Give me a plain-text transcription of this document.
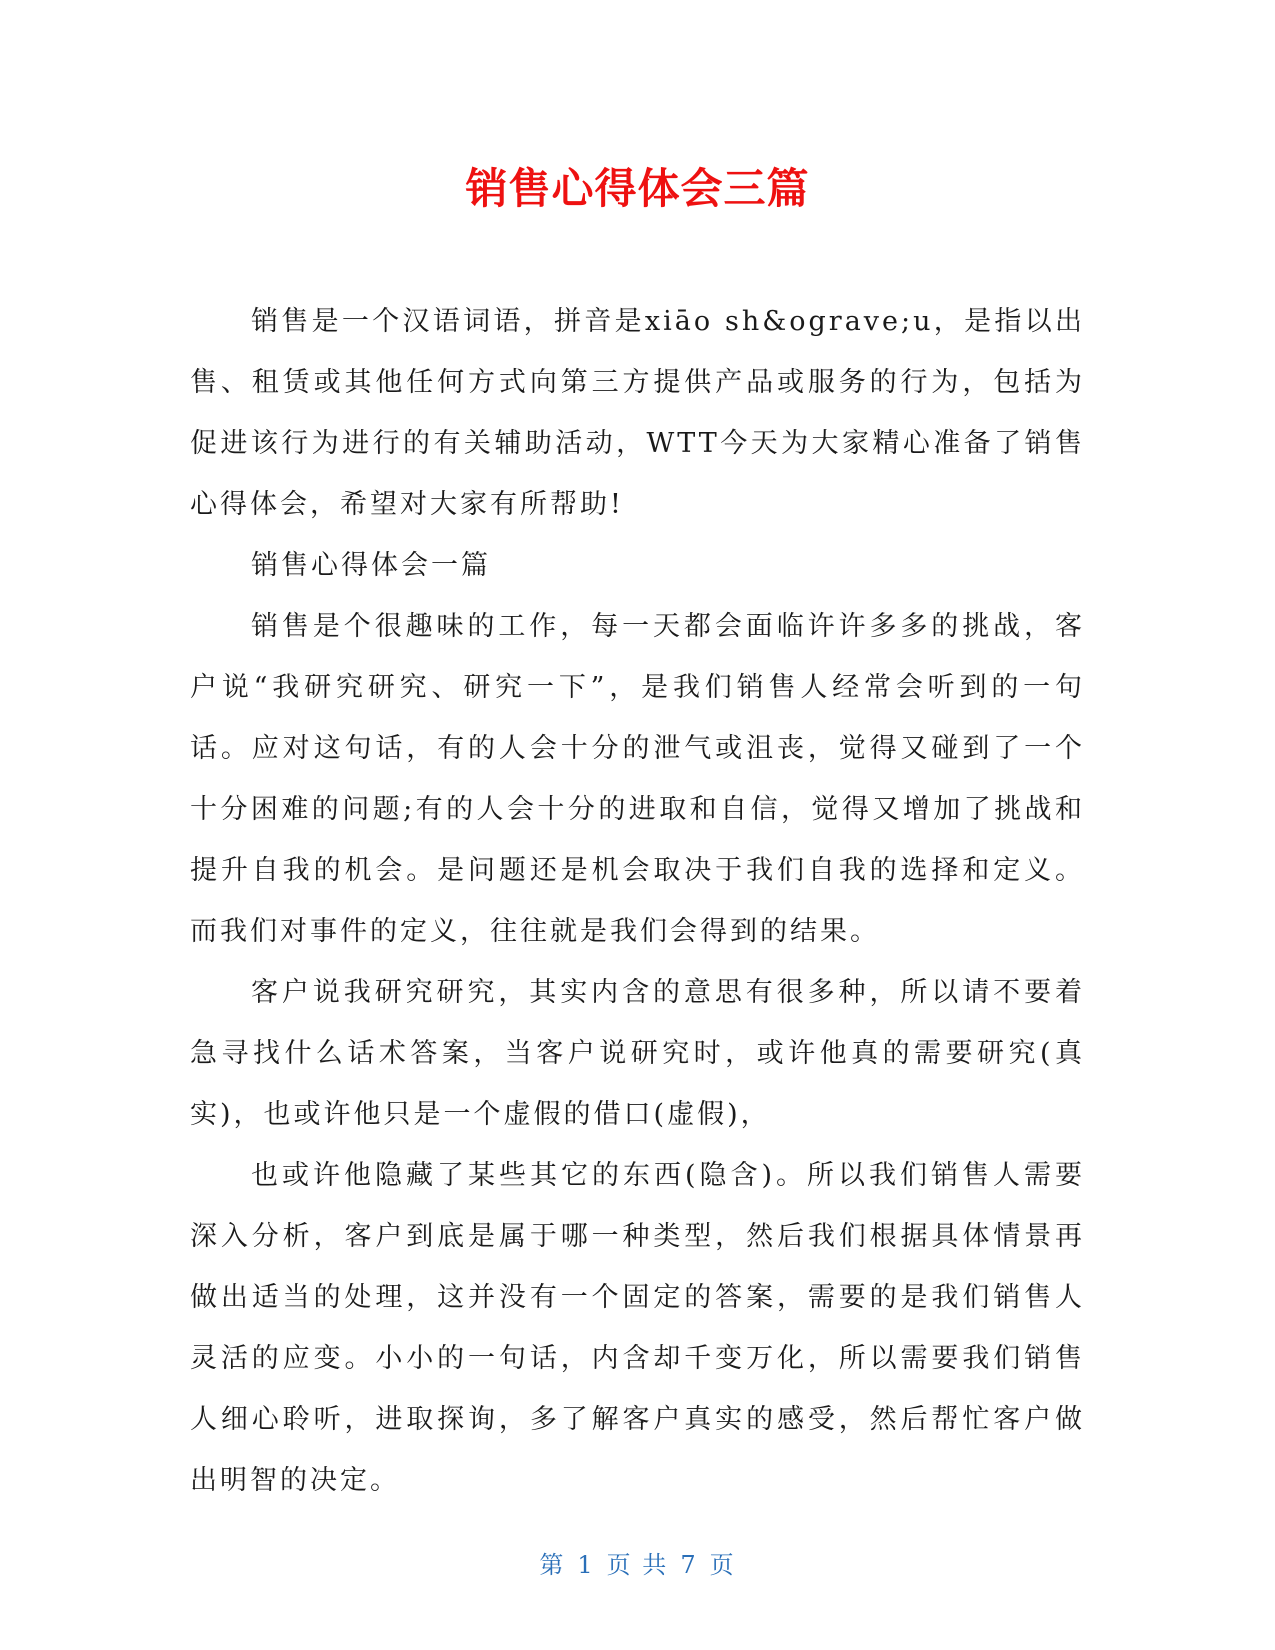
销售心得体会三篇

销售是一个汉语词语，拼音是xiāo sh&ograve;u，是指以出售、租赁或其他任何方式向第三方提供产品或服务的行为，包括为促进该行为进行的有关辅助活动，WTT今天为大家精心准备了销售心得体会，希望对大家有所帮助!

销售心得体会一篇

销售是个很趣味的工作，每一天都会面临许许多多的挑战，客户说“我研究研究、研究一下”，是我们销售人经常会听到的一句话。应对这句话，有的人会十分的泄气或沮丧，觉得又碰到了一个十分困难的问题;有的人会十分的进取和自信，觉得又增加了挑战和提升自我的机会。是问题还是机会取决于我们自我的选择和定义。而我们对事件的定义，往往就是我们会得到的结果。

客户说我研究研究，其实内含的意思有很多种，所以请不要着急寻找什么话术答案，当客户说研究时，或许他真的需要研究(真实)，也或许他只是一个虚假的借口(虚假)，

也或许他隐藏了某些其它的东西(隐含)。所以我们销售人需要深入分析，客户到底是属于哪一种类型，然后我们根据具体情景再做出适当的处理，这并没有一个固定的答案，需要的是我们销售人灵活的应变。小小的一句话，内含却千变万化，所以需要我们销售人细心聆听，进取探询，多了解客户真实的感受，然后帮忙客户做出明智的决定。

第 1 页 共 7 页
